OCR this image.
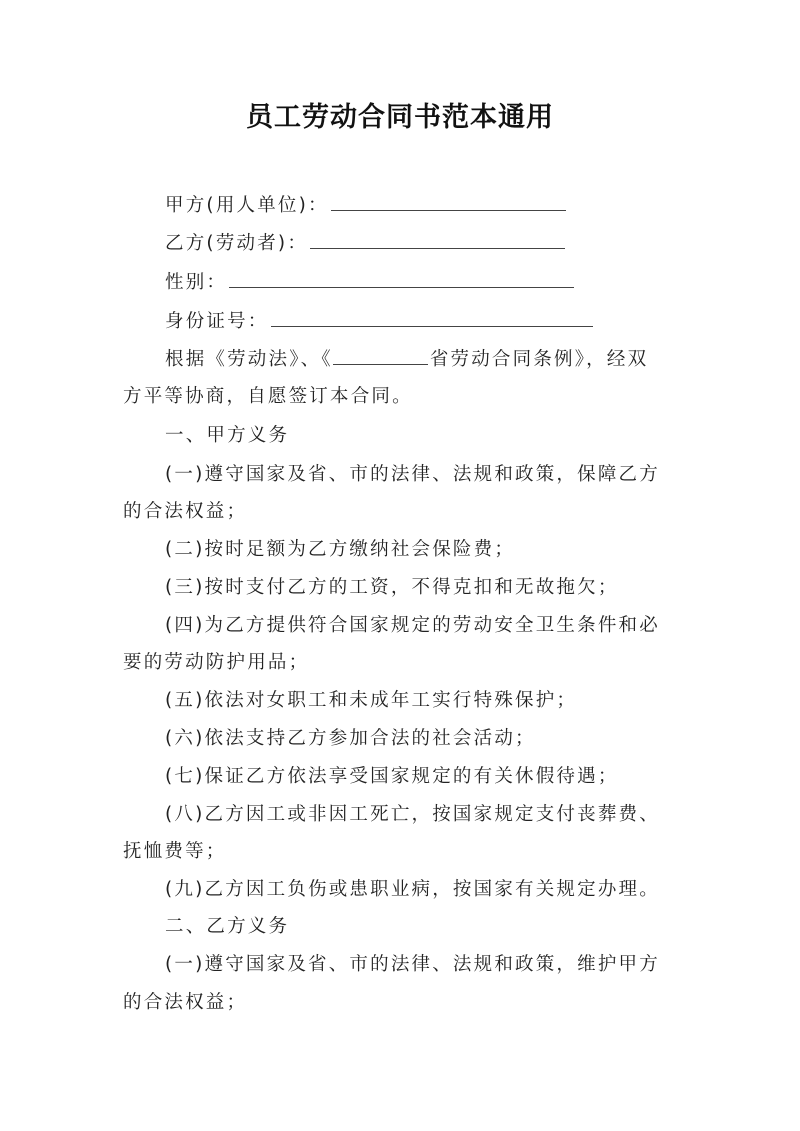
员工劳动合同书范本通用
甲方(用人单位)：
乙方(劳动者)：
性别：
身份证号：
根据《劳动法》、《	省劳动合同条例》，经双
方平等协商，自愿签订本合同。
一、甲方义务
(一)遵守国家及省、市的法律、法规和政策，保障乙方
的合法权益；
(二)按时足额为乙方缴纳社会保险费；
(三)按时支付乙方的工资，不得克扣和无故拖欠；
(四)为乙方提供符合国家规定的劳动安全卫生条件和必
要的劳动防护用品；
(五)依法对女职工和未成年工实行特殊保护；
(六)依法支持乙方参加合法的社会活动；
(七)保证乙方依法享受国家规定的有关休假待遇；
(八)乙方因工或非因工死亡，按国家规定支付丧葬费、
抚恤费等；
(九)乙方因工负伤或患职业病，按国家有关规定办理。
二、乙方义务
(一)遵守国家及省、市的法律、法规和政策，维护甲方
的合法权益；
